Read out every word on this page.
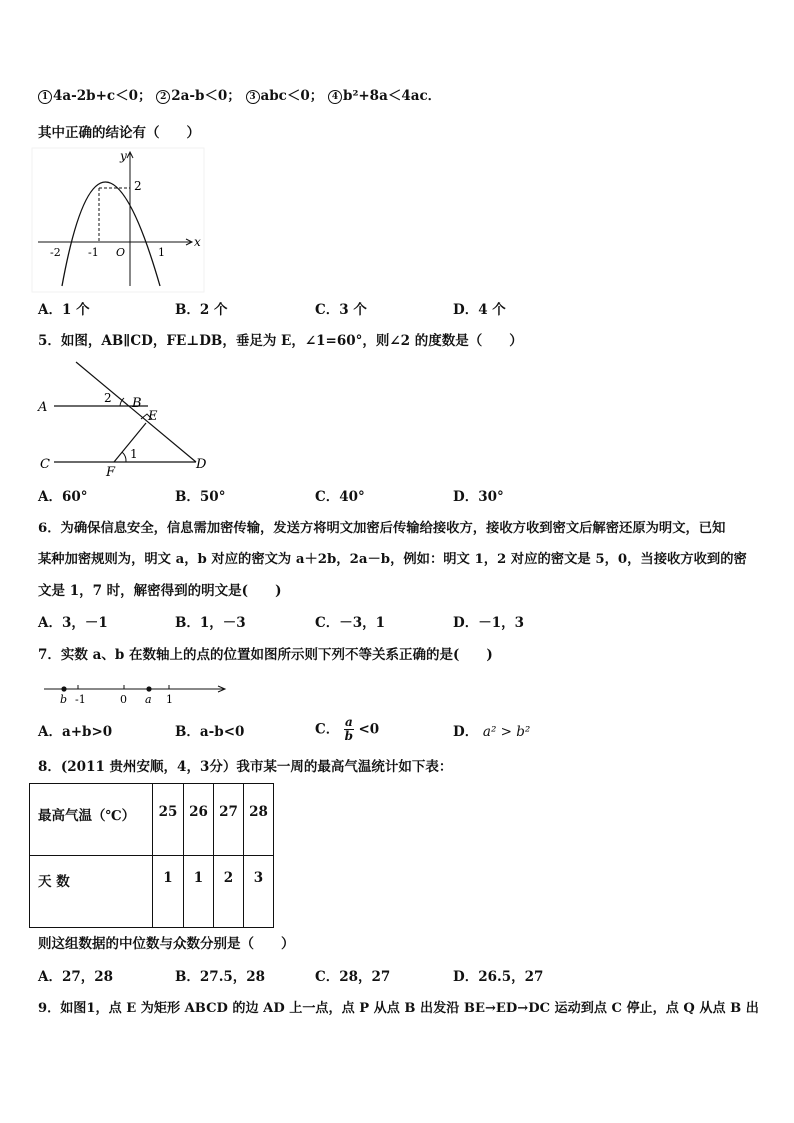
1 4a-2b+c＜0； 2 2a-b＜0； 3 abc＜0； 4 b²+8a＜4ac．
其中正确的结论有（　　）
y
x
2
-2 -1 O	1
A．1 个	B．2 个	C．3 个	D．4 个
5．如图，AB∥CD，FE⊥DB，垂足为 E，∠1=60°，则∠2 的度数是（　　）
A
2 B
E
C
1
F
D
A．60°	B．50°	C．40°	D．30°
6．为确保信息安全，信息需加密传输，发送方将明文加密后传输给接收方，接收方收到密文后解密还原为明文，已知
某种加密规则为，明文 a，b 对应的密文为 a＋2b，2a－b，例如：明文 1，2 对应的密文是 5，0，当接收方收到的密
文是 1，7 时，解密得到的明文是(　　)
A．3，－1	B．1，－3	C．－3，1	D．－1，3
7．实数 a、b 在数轴上的点的位置如图所示则下列不等关系正确的是(　　)
b -1	0 a 1
A．a+b>0	B．a-b<0	C． $\frac{a}{b} <0$	D． a² > b²
8．(2011 贵州安顺，4，3分）我市某一周的最高气温统计如下表：
最高气温（℃）	25	26	27	28
天 数	1	1	2	3
则这组数据的中位数与众数分别是（　　）
A．27，28	B．27.5，28	C．28，27	D．26.5，27
9．如图1，点 E 为矩形 ABCD 的边 AD 上一点，点 P 从点 B 出发沿 BE→ED→DC 运动到点 C 停止，点 Q 从点 B 出
